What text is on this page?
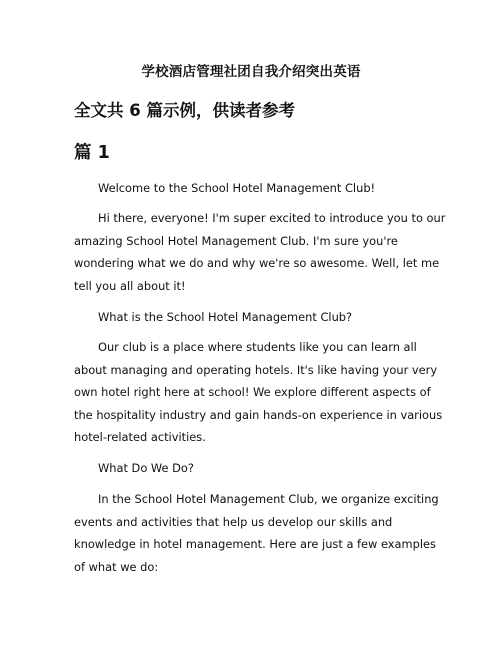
学校酒店管理社团自我介绍突出英语
全文共 6 篇示例，供读者参考
篇 1

Welcome to the School Hotel Management Club!

Hi there, everyone! I'm super excited to introduce you to our
amazing School Hotel Management Club. I'm sure you're
wondering what we do and why we're so awesome. Well, let me
tell you all about it!

What is the School Hotel Management Club?

Our club is a place where students like you can learn all
about managing and operating hotels. It's like having your very
own hotel right here at school! We explore different aspects of
the hospitality industry and gain hands-on experience in various
hotel-related activities.

What Do We Do?

In the School Hotel Management Club, we organize exciting
events and activities that help us develop our skills and
knowledge in hotel management. Here are just a few examples
of what we do:
